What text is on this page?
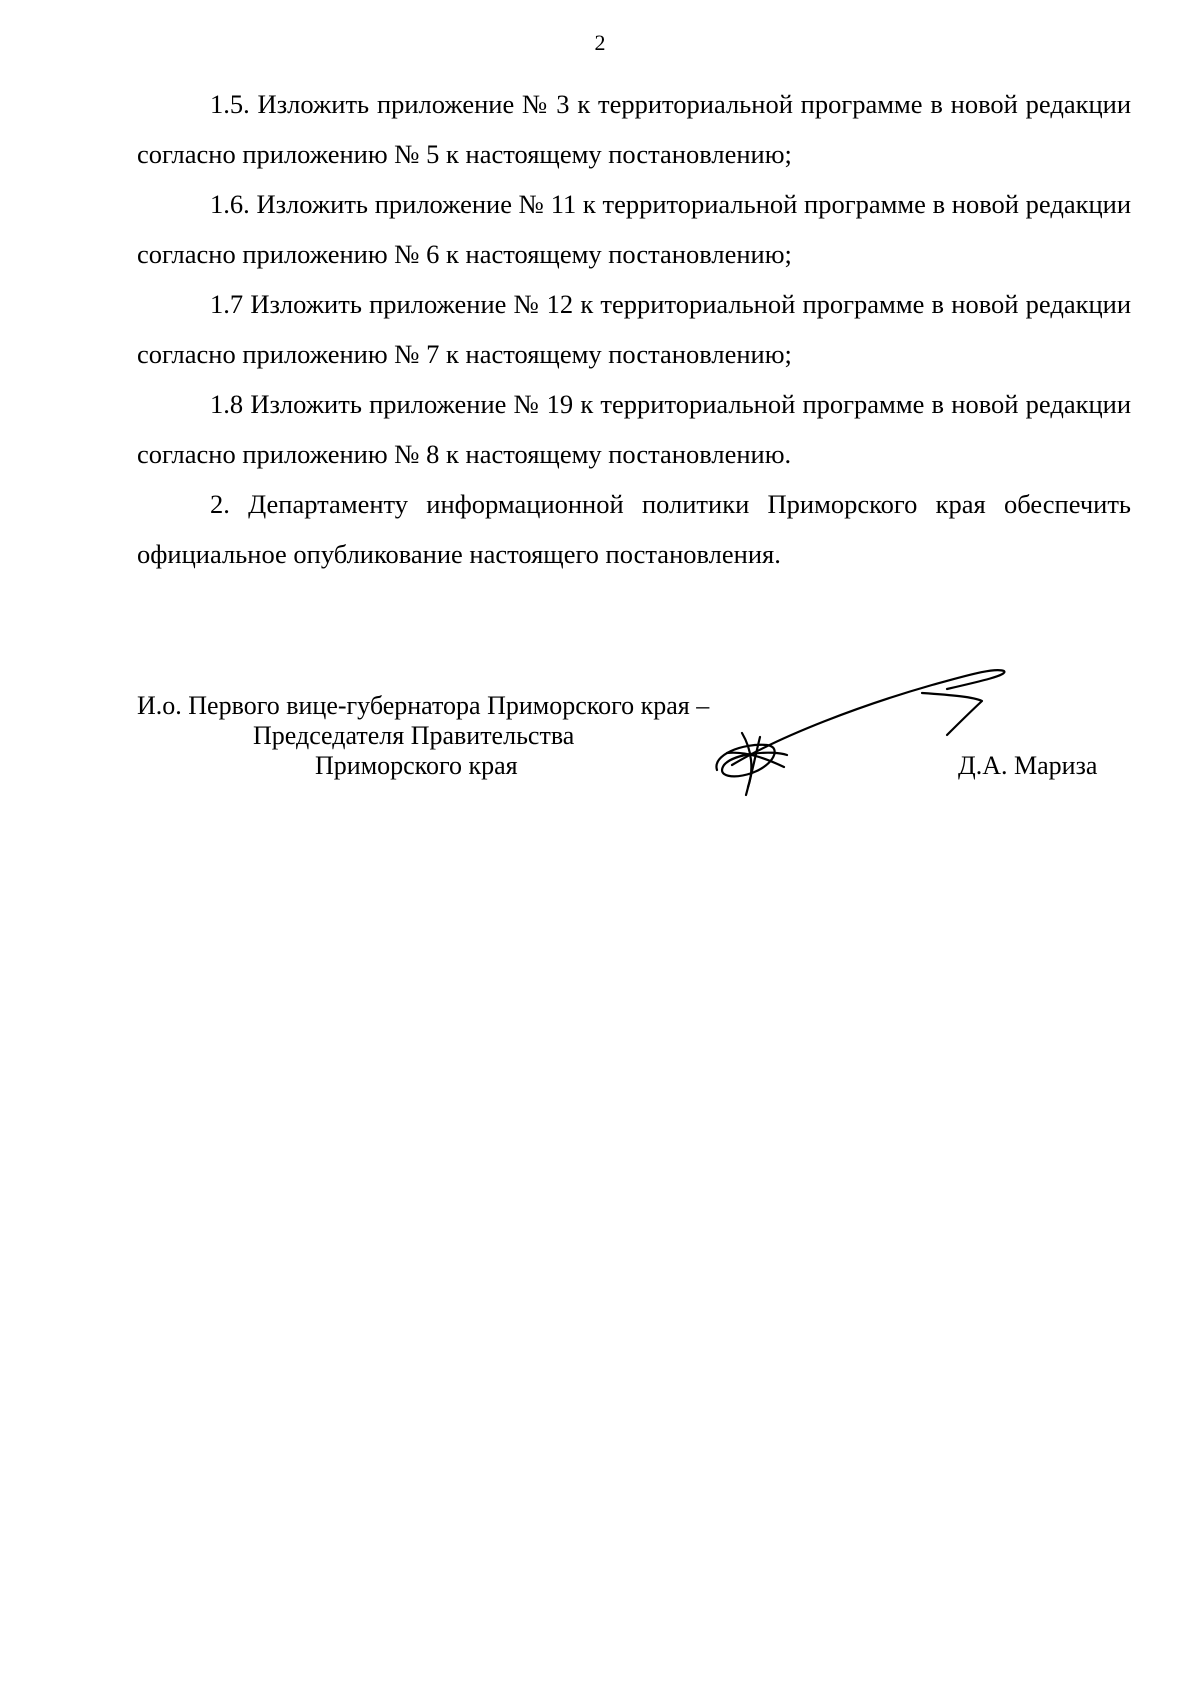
2

1.5. Изложить приложение № 3 к территориальной программе в новой редакции согласно приложению № 5 к настоящему постановлению;

1.6. Изложить приложение № 11 к территориальной программе в новой редакции согласно приложению № 6 к настоящему постановлению;

1.7 Изложить приложение № 12 к территориальной программе в новой редакции согласно приложению № 7 к настоящему постановлению;

1.8 Изложить приложение № 19 к территориальной программе в новой редакции согласно приложению № 8 к настоящему постановлению.

2. Департаменту информационной политики Приморского края обеспечить официальное опубликование настоящего постановления.

И.о. Первого вице-губернатора Приморского края –
Председателя Правительства
Приморского края	Д.А. Мариза
